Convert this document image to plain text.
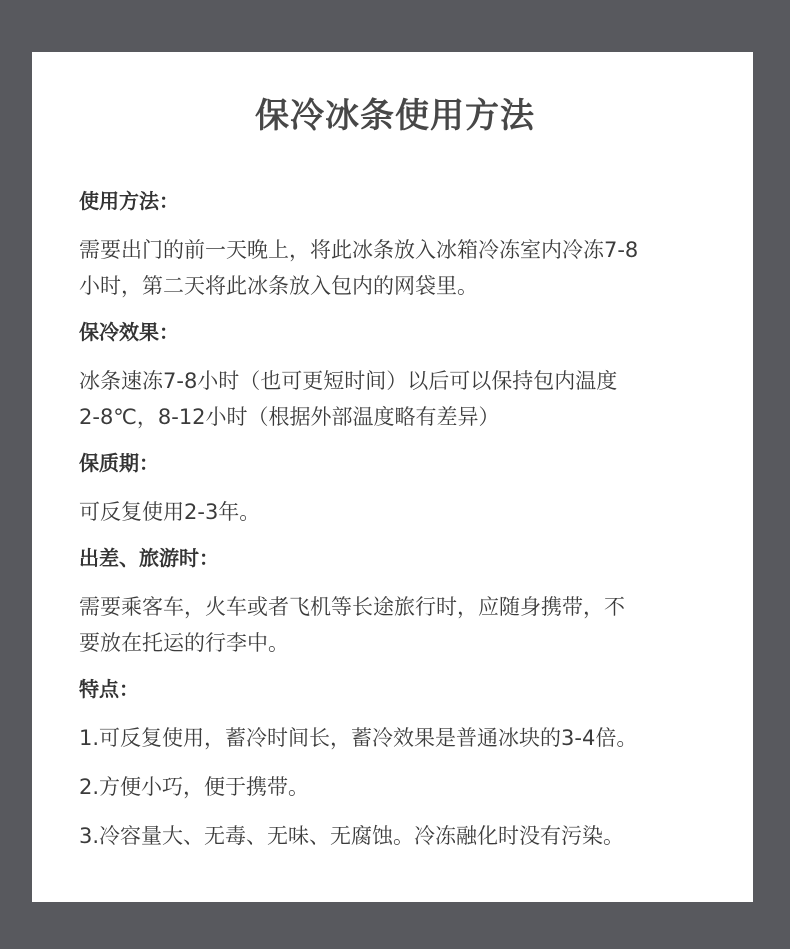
保冷冰条使用方法
使用方法：
需要出门的前一天晚上，将此冰条放入冰箱冷冻室内冷冻7-8
小时，第二天将此冰条放入包内的网袋里。
保冷效果：
冰条速冻7-8小时（也可更短时间）以后可以保持包内温度
2-8℃，8-12小时（根据外部温度略有差异）
保质期：
可反复使用2-3年。
出差、旅游时：
需要乘客车，火车或者飞机等长途旅行时，应随身携带，不
要放在托运的行李中。
特点：
1.可反复使用，蓄冷时间长，蓄冷效果是普通冰块的3-4倍。
2.方便小巧，便于携带。
3.冷容量大、无毒、无味、无腐蚀。冷冻融化时没有污染。
